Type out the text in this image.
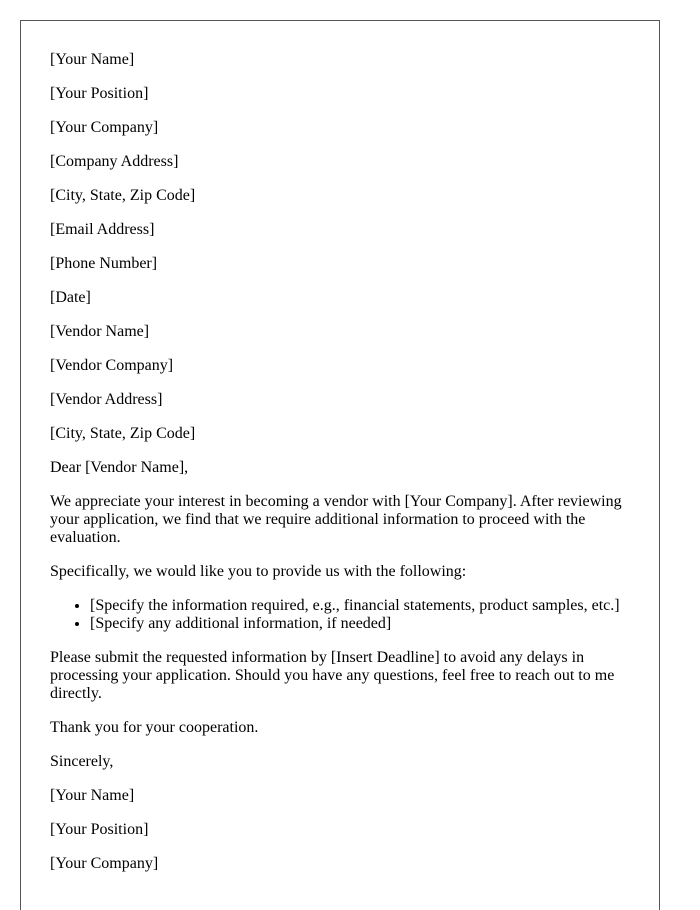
[Your Name]

[Your Position]

[Your Company]

[Company Address]

[City, State, Zip Code]

[Email Address]

[Phone Number]

[Date]

[Vendor Name]

[Vendor Company]

[Vendor Address]

[City, State, Zip Code]

Dear [Vendor Name],

We appreciate your interest in becoming a vendor with [Your Company]. After reviewing your application, we find that we require additional information to proceed with the evaluation.

Specifically, we would like you to provide us with the following:

• [Specify the information required, e.g., financial statements, product samples, etc.]
• [Specify any additional information, if needed]

Please submit the requested information by [Insert Deadline] to avoid any delays in processing your application. Should you have any questions, feel free to reach out to me directly.

Thank you for your cooperation.

Sincerely,

[Your Name]

[Your Position]

[Your Company]
